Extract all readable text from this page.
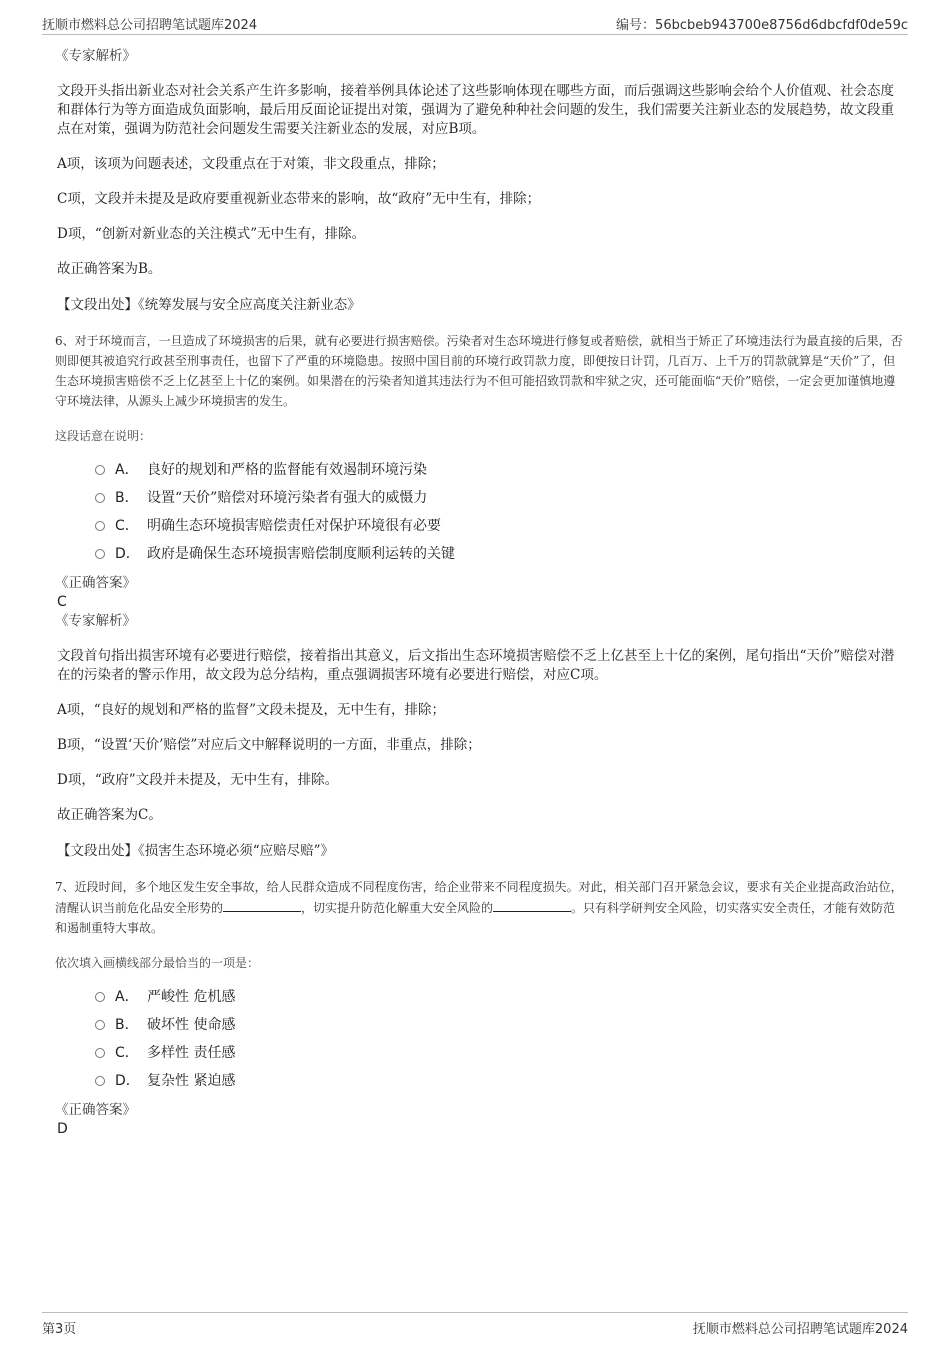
抚顺市燃料总公司招聘笔试题库2024	编号：56bcbeb943700e8756d6dbcfdf0de59c

《专家解析》

文段开头指出新业态对社会关系产生许多影响，接着举例具体论述了这些影响体现在哪些方面，而后强调这些影响会给个人价值观、社会态度和群体行为等方面造成负面影响，最后用反面论证提出对策，强调为了避免种种社会问题的发生，我们需要关注新业态的发展趋势，故文段重点在对策，强调为防范社会问题发生需要关注新业态的发展，对应B项。

A项，该项为问题表述，文段重点在于对策，非文段重点，排除；

C项，文段并未提及是政府要重视新业态带来的影响，故“政府”无中生有，排除；

D项，“创新对新业态的关注模式”无中生有，排除。

故正确答案为B。

【文段出处】《统筹发展与安全应高度关注新业态》

6、对于环境而言，一旦造成了环境损害的后果，就有必要进行损害赔偿。污染者对生态环境进行修复或者赔偿，就相当于矫正了环境违法行为最直接的后果，否则即便其被追究行政甚至刑事责任，也留下了严重的环境隐患。按照中国目前的环境行政罚款力度，即便按日计罚，几百万、上千万的罚款就算是“天价”了，但生态环境损害赔偿不乏上亿甚至上十亿的案例。如果潜在的污染者知道其违法行为不但可能招致罚款和牢狱之灾，还可能面临“天价”赔偿，一定会更加谨慎地遵守环境法律，从源头上减少环境损害的发生。

这段话意在说明：

A． 良好的规划和严格的监督能有效遏制环境污染
B． 设置“天价”赔偿对环境污染者有强大的威慑力
C． 明确生态环境损害赔偿责任对保护环境很有必要
D． 政府是确保生态环境损害赔偿制度顺利运转的关键

《正确答案》

C

《专家解析》

文段首句指出损害环境有必要进行赔偿，接着指出其意义，后文指出生态环境损害赔偿不乏上亿甚至上十亿的案例，尾句指出“天价”赔偿对潜在的污染者的警示作用，故文段为总分结构，重点强调损害环境有必要进行赔偿，对应C项。

A项，“良好的规划和严格的监督”文段未提及，无中生有，排除；

B项，“设置‘天价’赔偿”对应后文中解释说明的一方面，非重点，排除；

D项，“政府”文段并未提及，无中生有，排除。

故正确答案为C。

【文段出处】《损害生态环境必须“应赔尽赔”》

7、近段时间，多个地区发生安全事故，给人民群众造成不同程度伤害，给企业带来不同程度损失。对此，相关部门召开紧急会议，要求有关企业提高政治站位，清醒认识当前危化品安全形势的	，切实提升防范化解重大安全风险的	。只有科学研判安全风险，切实落实安全责任，才能有效防范和遏制重特大事故。

依次填入画横线部分最恰当的一项是：

A． 严峻性 危机感
B． 破坏性 使命感
C． 多样性 责任感
D． 复杂性 紧迫感

《正确答案》

D

第3页	抚顺市燃料总公司招聘笔试题库2024
